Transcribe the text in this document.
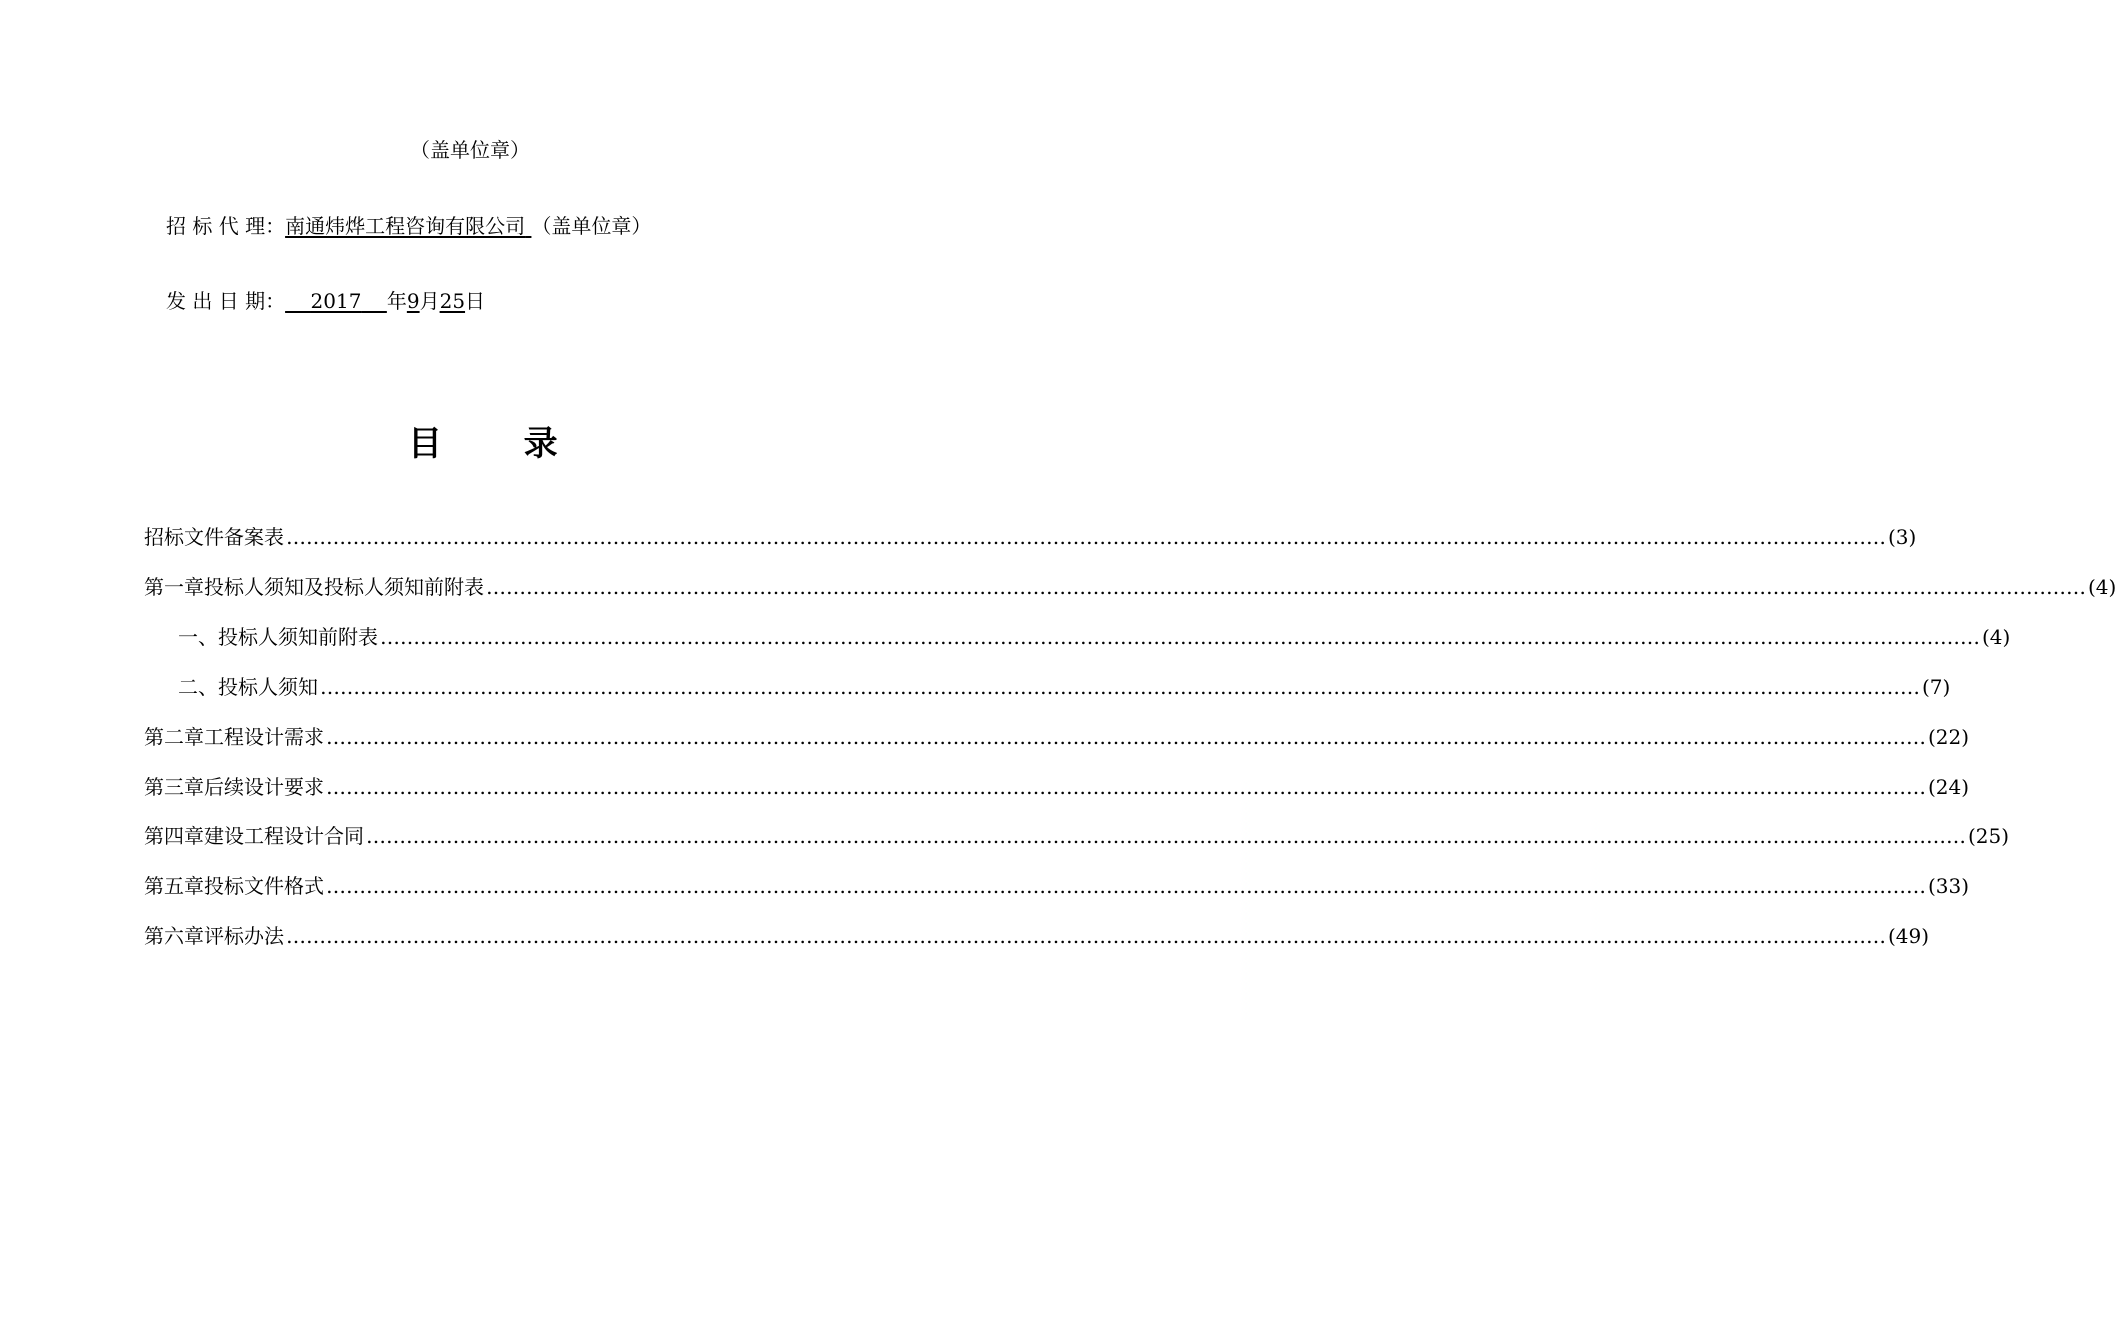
（盖单位章）
招 标 代 理：南通炜烨工程咨询有限公司 （盖单位章）
发 出 日 期： 2017 年9月25日
目录
招标文件备案表 …………………………………………………………………………………………………………………………………………………………………………………………………………………… (3)
第一章 投标人须知及投标人须知前附表 …………………………………………………………………………………………………………………………………………………………………………………………………………………… (4)
一、 投标人须知前附表 …………………………………………………………………………………………………………………………………………………………………………………………………………………… (4)
二、 投标人须知 …………………………………………………………………………………………………………………………………………………………………………………………………………………… (7)
第二章 工程设计需求 …………………………………………………………………………………………………………………………………………………………………………………………………………………… (22)
第三章 后续设计要求 …………………………………………………………………………………………………………………………………………………………………………………………………………………… (24)
第四章 建设工程设计合同 …………………………………………………………………………………………………………………………………………………………………………………………………………………… (25)
第五章 投标文件格式 …………………………………………………………………………………………………………………………………………………………………………………………………………………… (33)
第六章 评标办法 …………………………………………………………………………………………………………………………………………………………………………………………………………………… (49)
